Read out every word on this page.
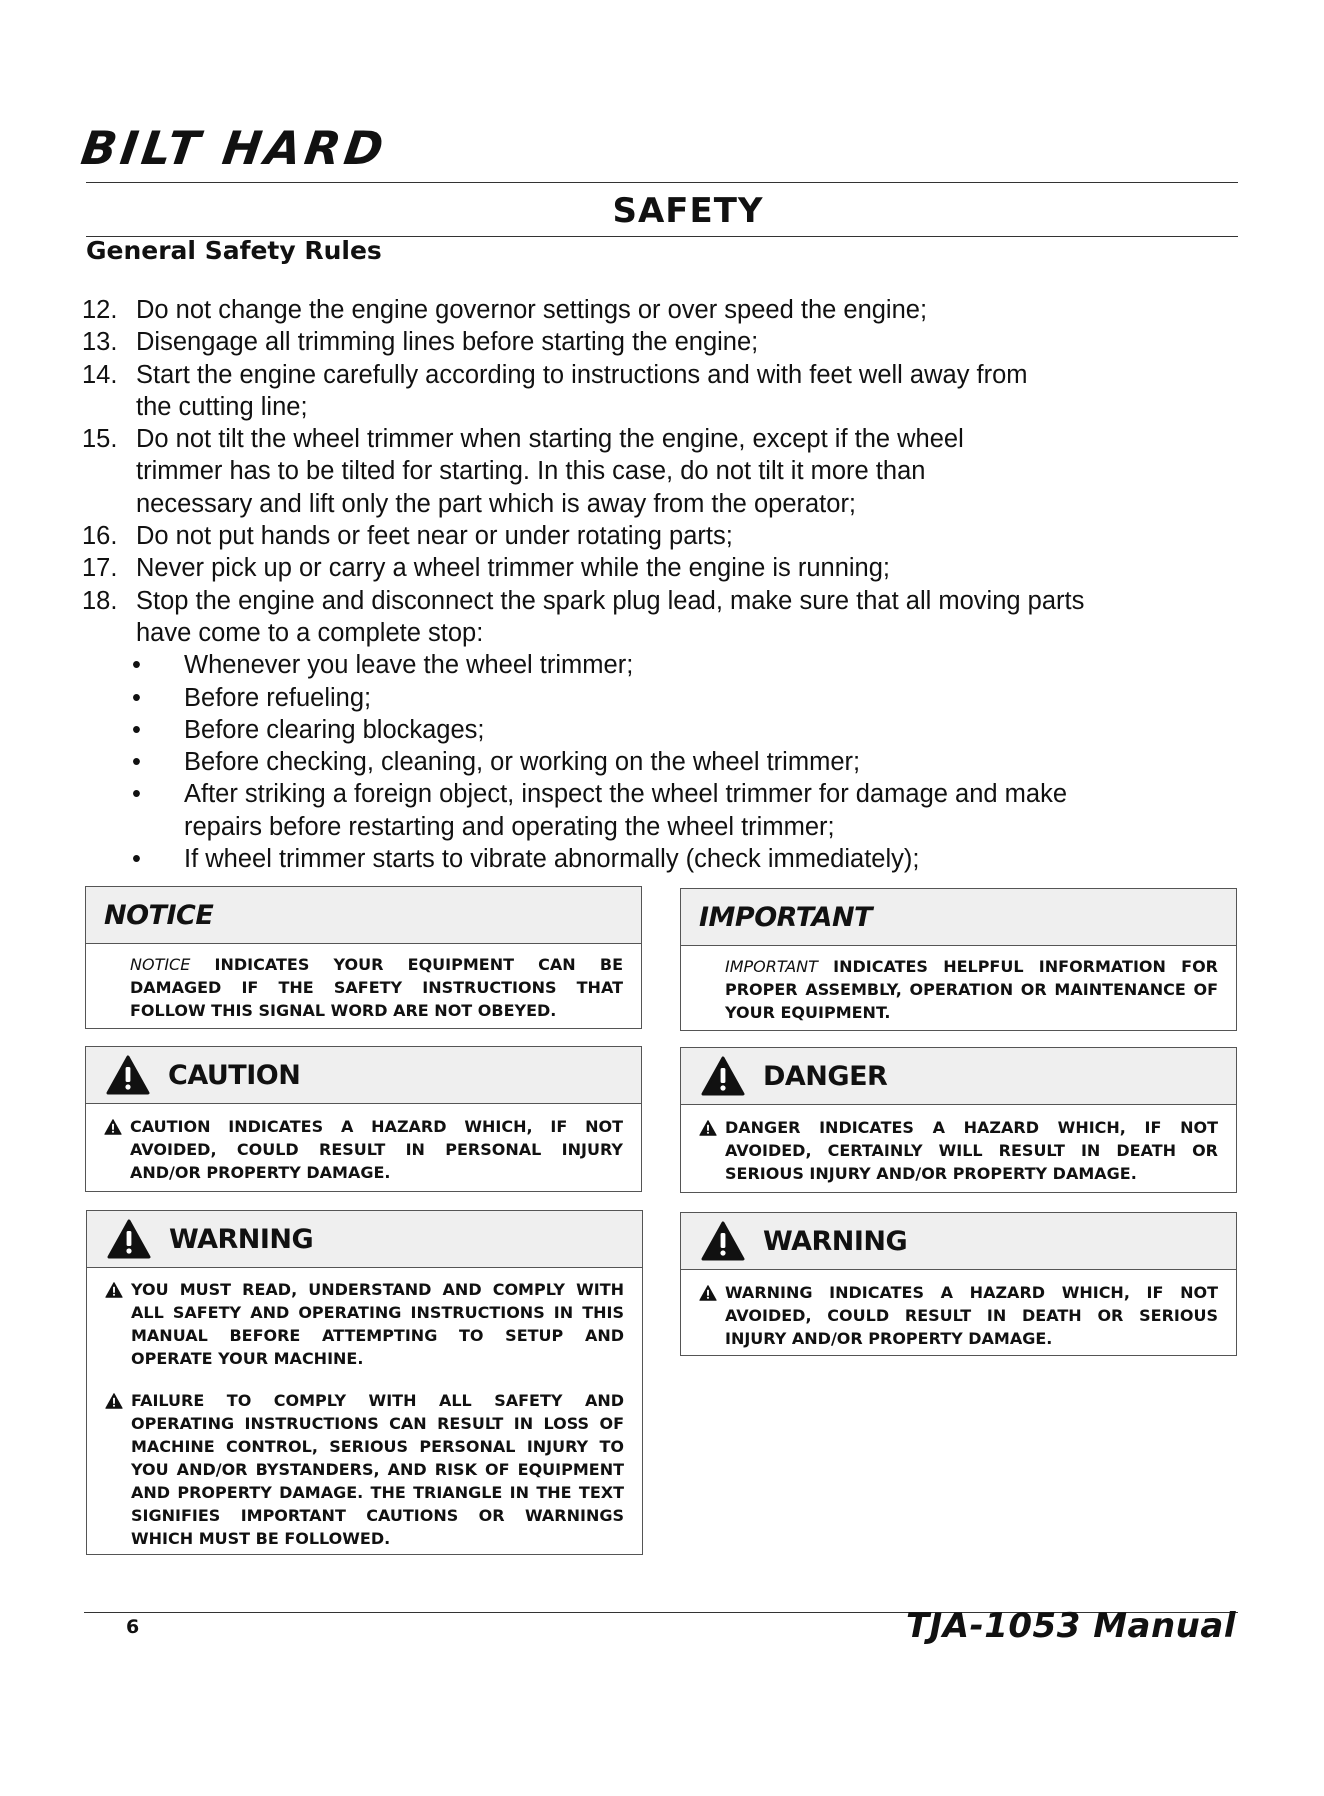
BILT HARD
SAFETY
General Safety Rules
12. Do not change the engine governor settings or over speed the engine;
13. Disengage all trimming lines before starting the engine;
14. Start the engine carefully according to instructions and with feet well away from the cutting line;
15. Do not tilt the wheel trimmer when starting the engine, except if the wheel trimmer has to be tilted for starting. In this case, do not tilt it more than necessary and lift only the part which is away from the operator;
16. Do not put hands or feet near or under rotating parts;
17. Never pick up or carry a wheel trimmer while the engine is running;
18. Stop the engine and disconnect the spark plug lead, make sure that all moving parts have come to a complete stop:
•	Whenever you leave the wheel trimmer;
•	Before refueling;
•	Before clearing blockages;
•	Before checking, cleaning, or working on the wheel trimmer;
•	After striking a foreign object, inspect the wheel trimmer for damage and make repairs before restarting and operating the wheel trimmer;
•	If wheel trimmer starts to vibrate abnormally (check immediately);
NOTICE
NOTICE INDICATES YOUR EQUIPMENT CAN BE DAMAGED IF THE SAFETY INSTRUCTIONS THAT FOLLOW THIS SIGNAL WORD ARE NOT OBEYED.
IMPORTANT
IMPORTANT INDICATES HELPFUL INFORMATION FOR PROPER ASSEMBLY, OPERATION OR MAINTENANCE OF YOUR EQUIPMENT.
CAUTION
CAUTION INDICATES A HAZARD WHICH, IF NOT AVOIDED, COULD RESULT IN PERSONAL INJURY AND/OR PROPERTY DAMAGE.
DANGER
DANGER INDICATES A HAZARD WHICH, IF NOT AVOIDED, CERTAINLY WILL RESULT IN DEATH OR SERIOUS INJURY AND/OR PROPERTY DAMAGE.
WARNING
YOU MUST READ, UNDERSTAND AND COMPLY WITH ALL SAFETY AND OPERATING INSTRUCTIONS IN THIS MANUAL BEFORE ATTEMPTING TO SETUP AND OPERATE YOUR MACHINE.
FAILURE TO COMPLY WITH ALL SAFETY AND OPERATING INSTRUCTIONS CAN RESULT IN LOSS OF MACHINE CONTROL, SERIOUS PERSONAL INJURY TO YOU AND/OR BYSTANDERS, AND RISK OF EQUIPMENT AND PROPERTY DAMAGE. THE TRIANGLE IN THE TEXT SIGNIFIES IMPORTANT CAUTIONS OR WARNINGS WHICH MUST BE FOLLOWED.
WARNING
WARNING INDICATES A HAZARD WHICH, IF NOT AVOIDED, COULD RESULT IN DEATH OR SERIOUS INJURY AND/OR PROPERTY DAMAGE.
6	TJA-1053 Manual
